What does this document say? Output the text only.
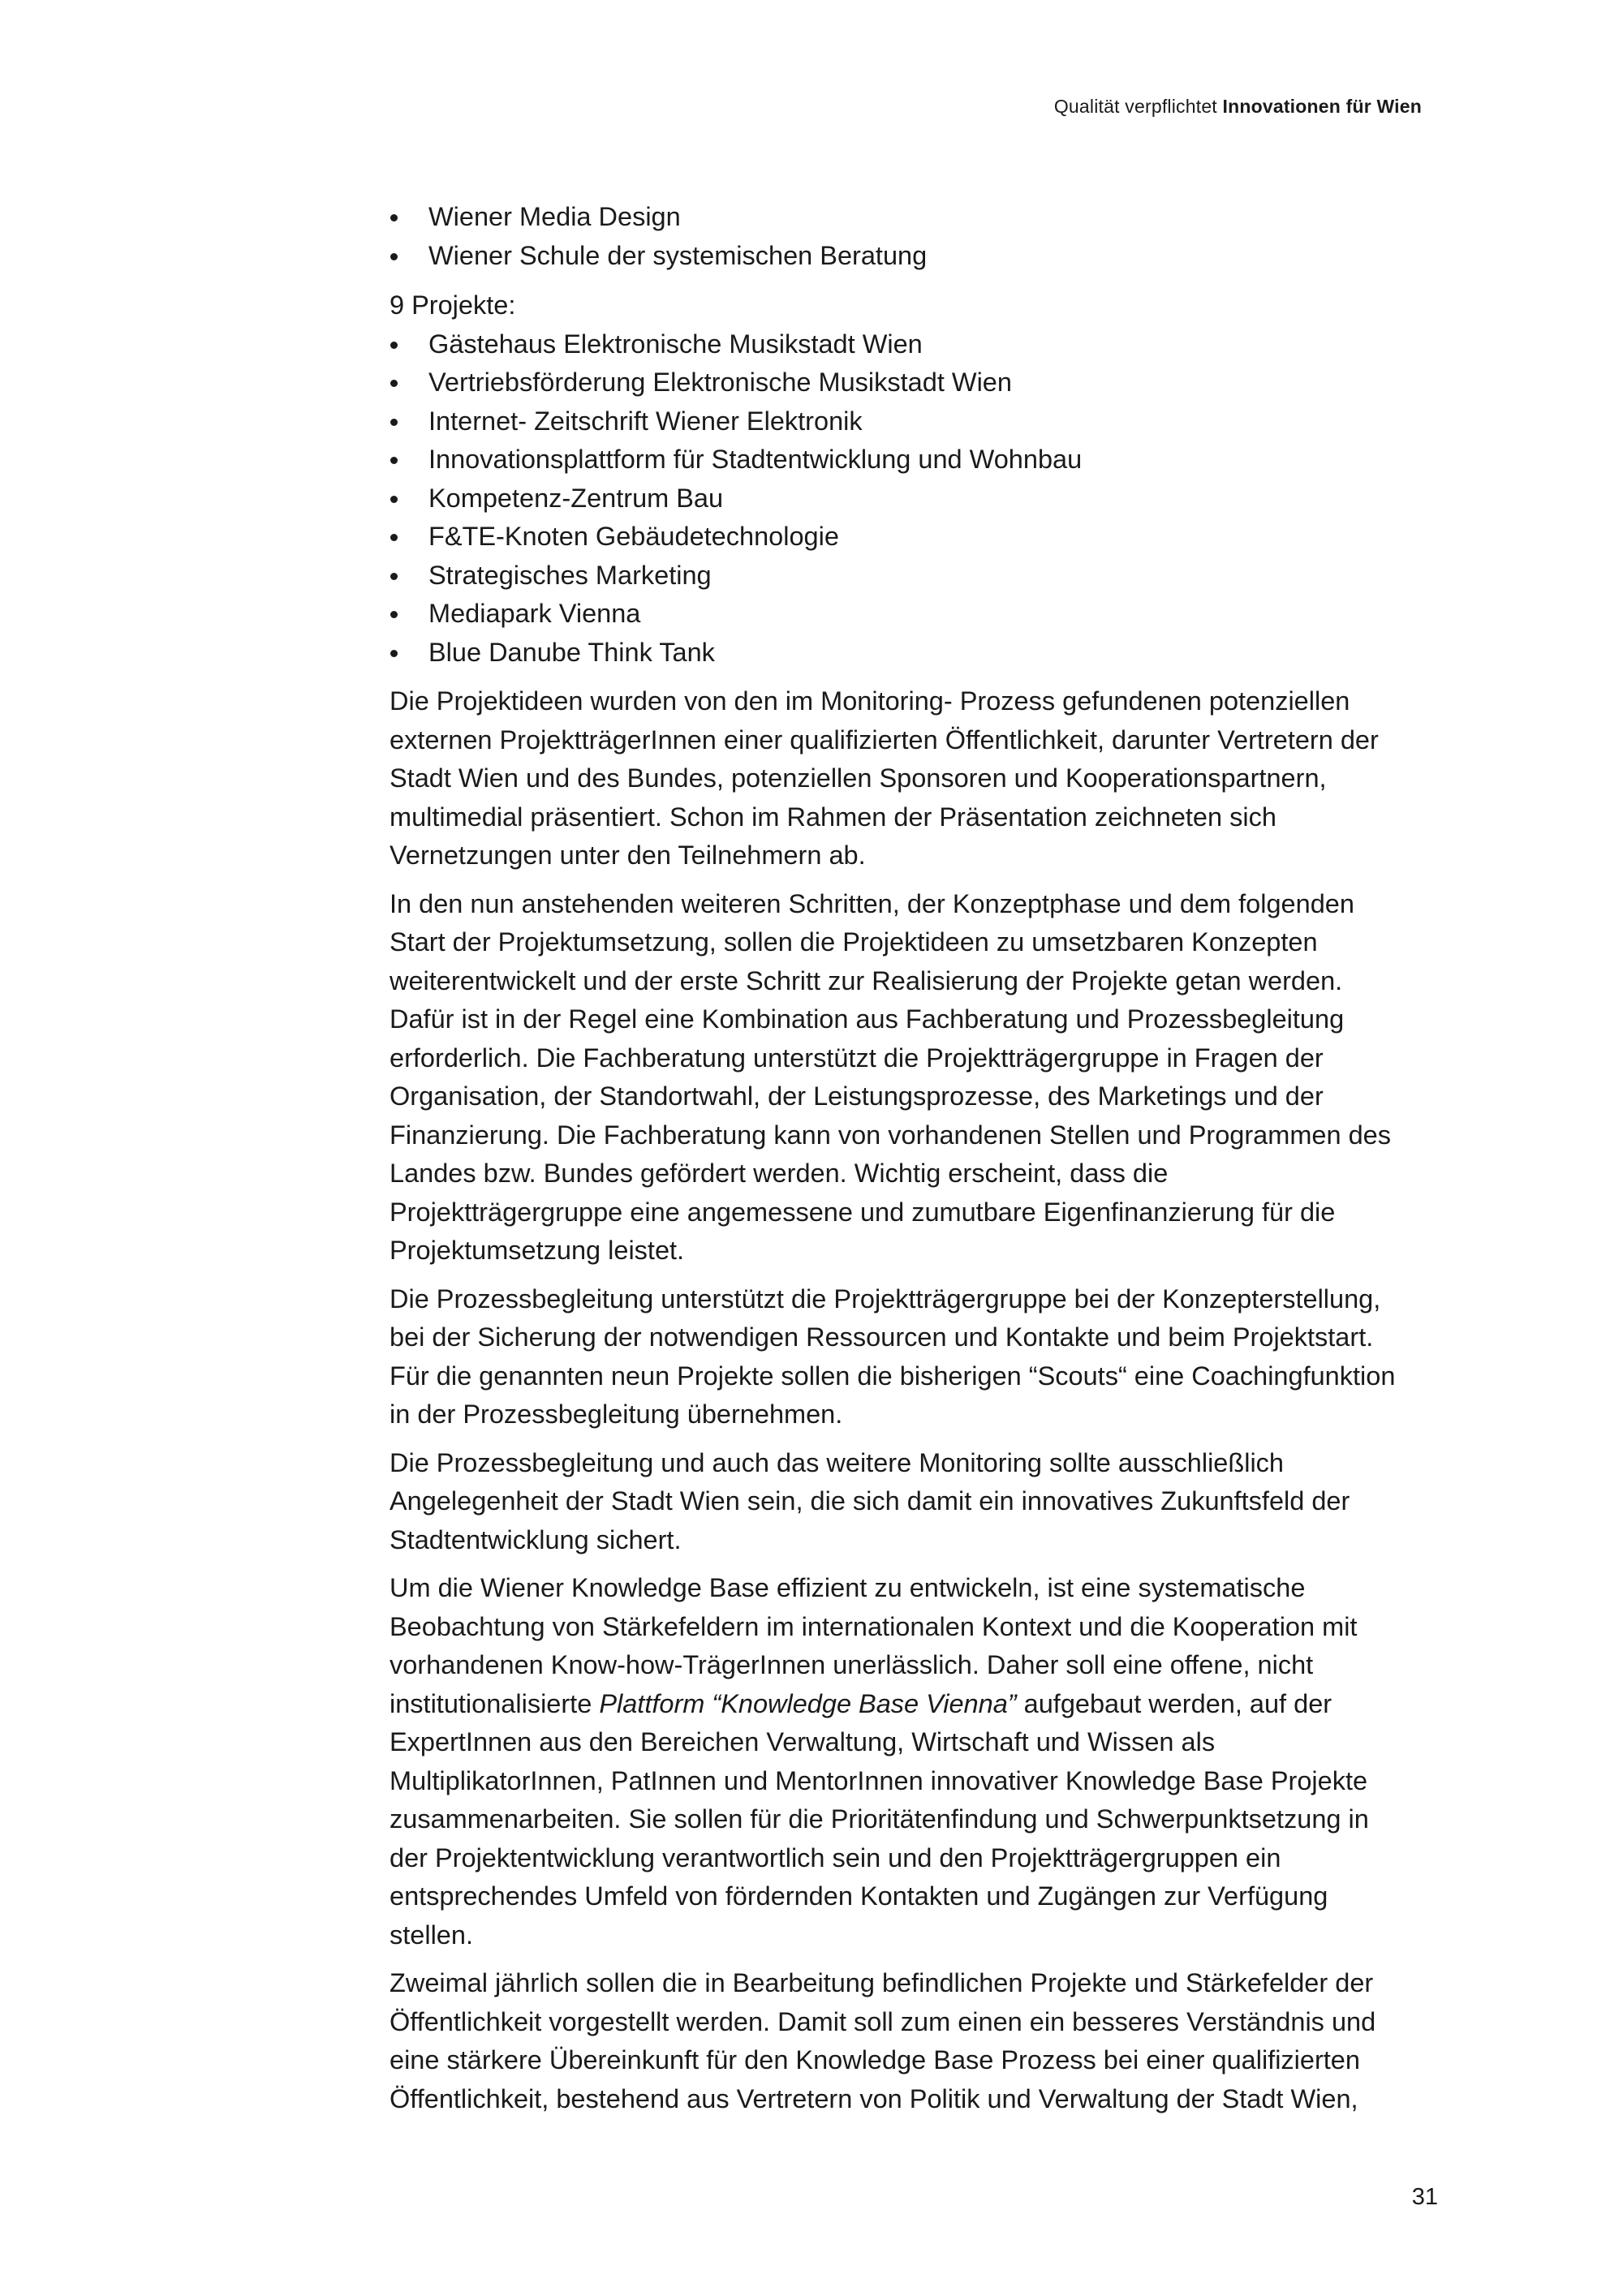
Qualität verpflichtet Innovationen für Wien
Wiener Media Design
Wiener Schule der systemischen Beratung
9 Projekte:
Gästehaus Elektronische Musikstadt Wien
Vertriebsförderung Elektronische Musikstadt Wien
Internet- Zeitschrift Wiener Elektronik
Innovationsplattform für Stadtentwicklung und Wohnbau
Kompetenz-Zentrum Bau
F&TE-Knoten Gebäudetechnologie
Strategisches Marketing
Mediapark Vienna
Blue Danube Think Tank

Die Projektideen wurden von den im Monitoring- Prozess gefundenen potenziellen
externen ProjektträgerInnen einer qualifizierten Öffentlichkeit, darunter Vertretern der
Stadt Wien und des Bundes, potenziellen Sponsoren und Kooperationspartnern,
multimedial präsentiert. Schon im Rahmen der Präsentation zeichneten sich
Vernetzungen unter den Teilnehmern ab.

In den nun anstehenden weiteren Schritten, der Konzeptphase und dem folgenden
Start der Projektumsetzung, sollen die Projektideen zu umsetzbaren Konzepten
weiterentwickelt und der erste Schritt zur Realisierung der Projekte getan werden.
Dafür ist in der Regel eine Kombination aus Fachberatung und Prozessbegleitung
erforderlich. Die Fachberatung unterstützt die Projektträgergruppe in Fragen der
Organisation, der Standortwahl, der Leistungsprozesse, des Marketings und der
Finanzierung. Die Fachberatung kann von vorhandenen Stellen und Programmen des
Landes bzw. Bundes gefördert werden. Wichtig erscheint, dass die
Projektträgergruppe eine angemessene und zumutbare Eigenfinanzierung für die
Projektumsetzung leistet.

Die Prozessbegleitung unterstützt die Projektträgergruppe bei der Konzepterstellung,
bei der Sicherung der notwendigen Ressourcen und Kontakte und beim Projektstart.
Für die genannten neun Projekte sollen die bisherigen “Scouts“ eine Coachingfunktion
in der Prozessbegleitung übernehmen.

Die Prozessbegleitung und auch das weitere Monitoring sollte ausschließlich
Angelegenheit der Stadt Wien sein, die sich damit ein innovatives Zukunftsfeld der
Stadtentwicklung sichert.

Um die Wiener Knowledge Base effizient zu entwickeln, ist eine systematische
Beobachtung von Stärkefeldern im internationalen Kontext und die Kooperation mit
vorhandenen Know-how-TrägerInnen unerlässlich. Daher soll eine offene, nicht
institutionalisierte Plattform “Knowledge Base Vienna” aufgebaut werden, auf der
ExpertInnen aus den Bereichen Verwaltung, Wirtschaft und Wissen als
MultiplikatorInnen, PatInnen und MentorInnen innovativer Knowledge Base Projekte
zusammenarbeiten. Sie sollen für die Prioritätenfindung und Schwerpunktsetzung in
der Projektentwicklung verantwortlich sein und den Projektträgergruppen ein
entsprechendes Umfeld von fördernden Kontakten und Zugängen zur Verfügung
stellen.

Zweimal jährlich sollen die in Bearbeitung befindlichen Projekte und Stärkefelder der
Öffentlichkeit vorgestellt werden. Damit soll zum einen ein besseres Verständnis und
eine stärkere Übereinkunft für den Knowledge Base Prozess bei einer qualifizierten
Öffentlichkeit, bestehend aus Vertretern von Politik und Verwaltung der Stadt Wien,

31
